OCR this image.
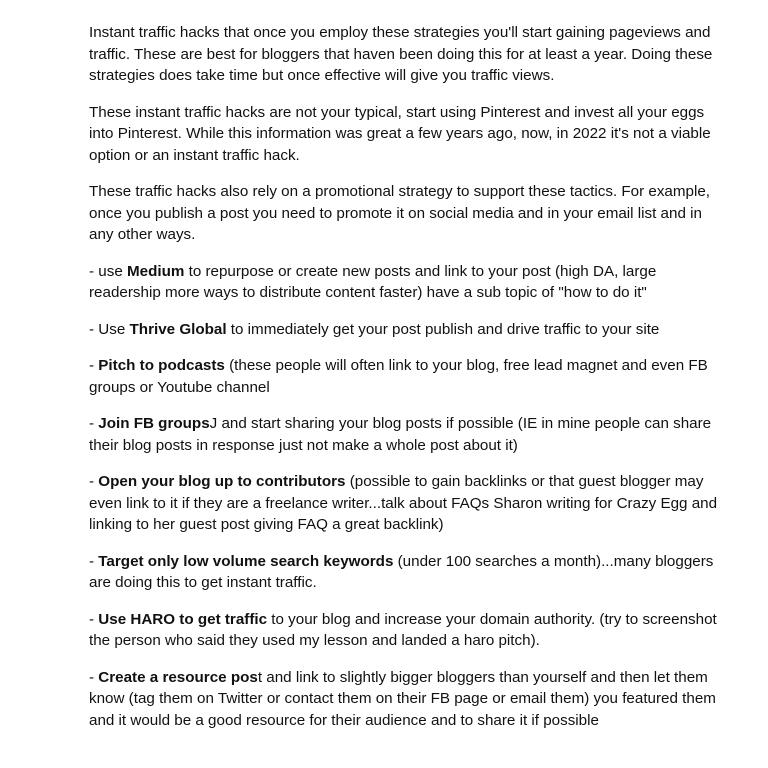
Instant traffic hacks that once you employ these strategies you'll start gaining pageviews and traffic. These are best for bloggers that haven been doing this for at least a year. Doing these strategies does take time but once effective will give you traffic views.

These instant traffic hacks are not your typical, start using Pinterest and invest all your eggs into Pinterest. While this information was great a few years ago, now, in 2022 it's not a viable option or an instant traffic hack.

These traffic hacks also rely on a promotional strategy to support these tactics. For example, once you publish a post you need to promote it on social media and in your email list and in any other ways.

- use Medium to repurpose or create new posts and link to your post (high DA, large readership more ways to distribute content faster) have a sub topic of "how to do it"

- Use Thrive Global to immediately get your post publish and drive traffic to your site

- Pitch to podcasts (these people will often link to your blog, free lead magnet and even FB groups or Youtube channel

- Join FB groupsJ and start sharing your blog posts if possible (IE in mine people can share their blog posts in response just not make a whole post about it)

- Open your blog up to contributors (possible to gain backlinks or that guest blogger may even link to it if they are a freelance writer...talk about FAQs Sharon writing for Crazy Egg and linking to her guest post giving FAQ a great backlink)

- Target only low volume search keywords (under 100 searches a month)...many bloggers are doing this to get instant traffic.

- Use HARO to get traffic to your blog and increase your domain authority. (try to screenshot the person who said they used my lesson and landed a haro pitch).

- Create a resource post and link to slightly bigger bloggers than yourself and then let them know (tag them on Twitter or contact them on their FB page or email them) you featured them and it would be a good resource for their audience and to share it if possible
